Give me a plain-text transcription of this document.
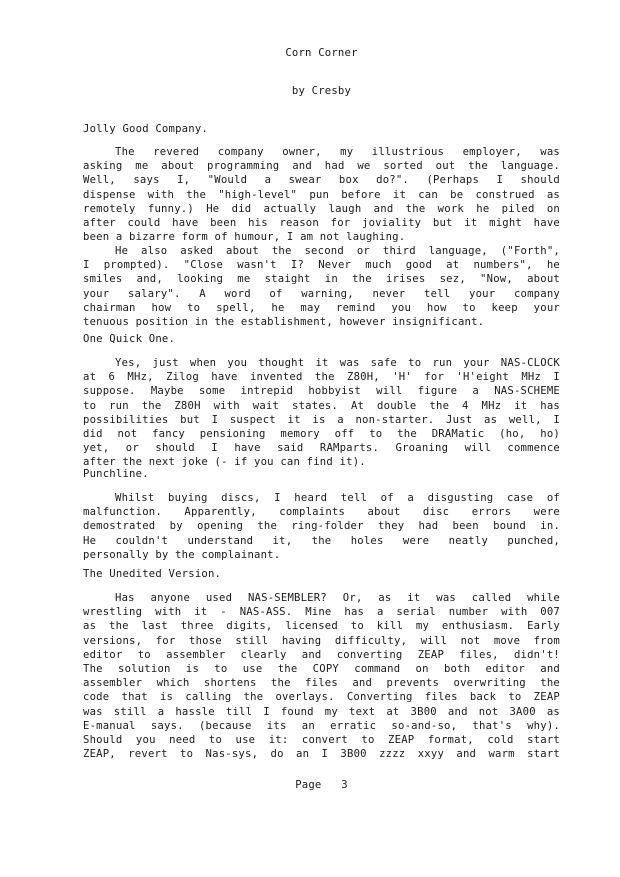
Corn Corner
by Cresby
Jolly Good Company.
The revered company owner, my illustrious employer, was
asking me about programming and had we sorted out the language.
Well, says I, "Would a swear box do?". (Perhaps I should
dispense with the "high-level" pun before it can be construed as
remotely funny.) He did actually laugh and the work he piled on
after could have been his reason for joviality but it might have
been a bizarre form of humour, I am not laughing.
He also asked about the second or third language, ("Forth",
I prompted). "Close wasn't I? Never much good at numbers", he
smiles and, looking me staight in the irises sez, "Now, about
your salary". A word of warning, never tell your company
chairman how to spell, he may remind you how to keep your
tenuous position in the establishment, however insignificant.
One Quick One.
Yes, just when you thought it was safe to run your NAS-CLOCK
at 6 MHz, Zilog have invented the Z80H, 'H' for 'H'eight MHz I
suppose. Maybe some intrepid hobbyist will figure a NAS-SCHEME
to run the Z80H with wait states. At double the 4 MHz it has
possibilities but I suspect it is a non-starter. Just as well, I
did not fancy pensioning memory off to the DRAMatic (ho, ho)
yet, or should I have said RAMparts. Groaning will commence
after the next joke (- if you can find it).
Punchline.
Whilst buying discs, I heard tell of a disgusting case of
malfunction. Apparently, complaints about disc errors were
demostrated by opening the ring-folder they had been bound in.
He couldn't understand it, the holes were neatly punched,
personally by the complainant.
The Unedited Version.
Has anyone used NAS-SEMBLER? Or, as it was called while
wrestling with it - NAS-ASS. Mine has a serial number with 007
as the last three digits, licensed to kill my enthusiasm. Early
versions, for those still having difficulty, will not move from
editor to assembler clearly and converting ZEAP files, didn't!
The solution is to use the COPY command on both editor and
assembler which shortens the files and prevents overwriting the
code that is calling the overlays. Converting files back to ZEAP
was still a hassle till I found my text at 3B00 and not 3A00 as
E-manual says. (because its an erratic so-and-so, that's why).
Should you need to use it: convert to ZEAP format, cold start
ZEAP, revert to Nas-sys, do an I 3B00 zzzz xxyy and warm start
Page 3
